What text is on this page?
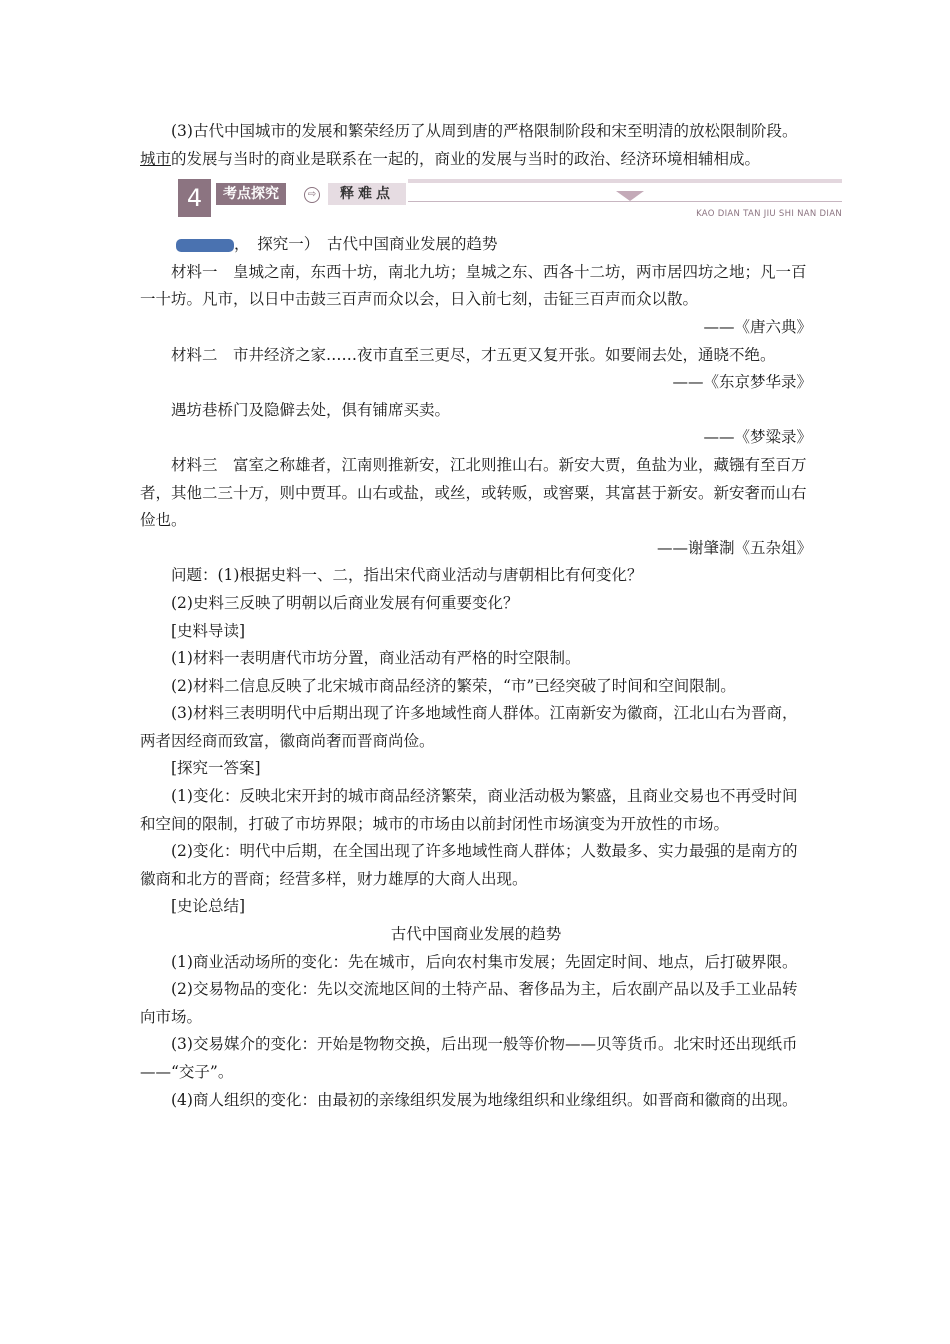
(3)古代中国城市的发展和繁荣经历了从周到唐的严格限制阶段和宋至明清的放松限制阶段。城市的发展与当时的商业是联系在一起的，商业的发展与当时的政治、经济环境相辅相成。

4	考点探究	⇨	释难点
KAO DIAN TAN JIU SHI NAN DIAN

，　探究一）　古代中国商业发展的趋势

材料一　皇城之南，东西十坊，南北九坊；皇城之东、西各十二坊，两市居四坊之地；凡一百一十坊。凡市，以日中击鼓三百声而众以会，日入前七刻，击钲三百声而众以散。

——《唐六典》

材料二　市井经济之家……夜市直至三更尽，才五更又复开张。如要闹去处，通晓不绝。

——《东京梦华录》

遇坊巷桥门及隐僻去处，俱有铺席买卖。

——《梦粱录》

材料三　富室之称雄者，江南则推新安，江北则推山右。新安大贾，鱼盐为业，藏镪有至百万者，其他二三十万，则中贾耳。山右或盐，或丝，或转贩，或窖粟，其富甚于新安。新安奢而山右俭也。

——谢肇淛《五杂俎》

问题：(1)根据史料一、二，指出宋代商业活动与唐朝相比有何变化？

(2)史料三反映了明朝以后商业发展有何重要变化？

[史料导读]

(1)材料一表明唐代市坊分置，商业活动有严格的时空限制。

(2)材料二信息反映了北宋城市商品经济的繁荣，“市”已经突破了时间和空间限制。

(3)材料三表明明代中后期出现了许多地域性商人群体。江南新安为徽商，江北山右为晋商，两者因经商而致富，徽商尚奢而晋商尚俭。

[探究一答案]

(1)变化：反映北宋开封的城市商品经济繁荣，商业活动极为繁盛，且商业交易也不再受时间和空间的限制，打破了市坊界限；城市的市场由以前封闭性市场演变为开放性的市场。

(2)变化：明代中后期，在全国出现了许多地域性商人群体；人数最多、实力最强的是南方的徽商和北方的晋商；经营多样，财力雄厚的大商人出现。

[史论总结]

古代中国商业发展的趋势

(1)商业活动场所的变化：先在城市，后向农村集市发展；先固定时间、地点，后打破界限。

(2)交易物品的变化：先以交流地区间的土特产品、奢侈品为主，后农副产品以及手工业品转向市场。

(3)交易媒介的变化：开始是物物交换，后出现一般等价物——贝等货币。北宋时还出现纸币——“交子”。

(4)商人组织的变化：由最初的亲缘组织发展为地缘组织和业缘组织。如晋商和徽商的出现。
